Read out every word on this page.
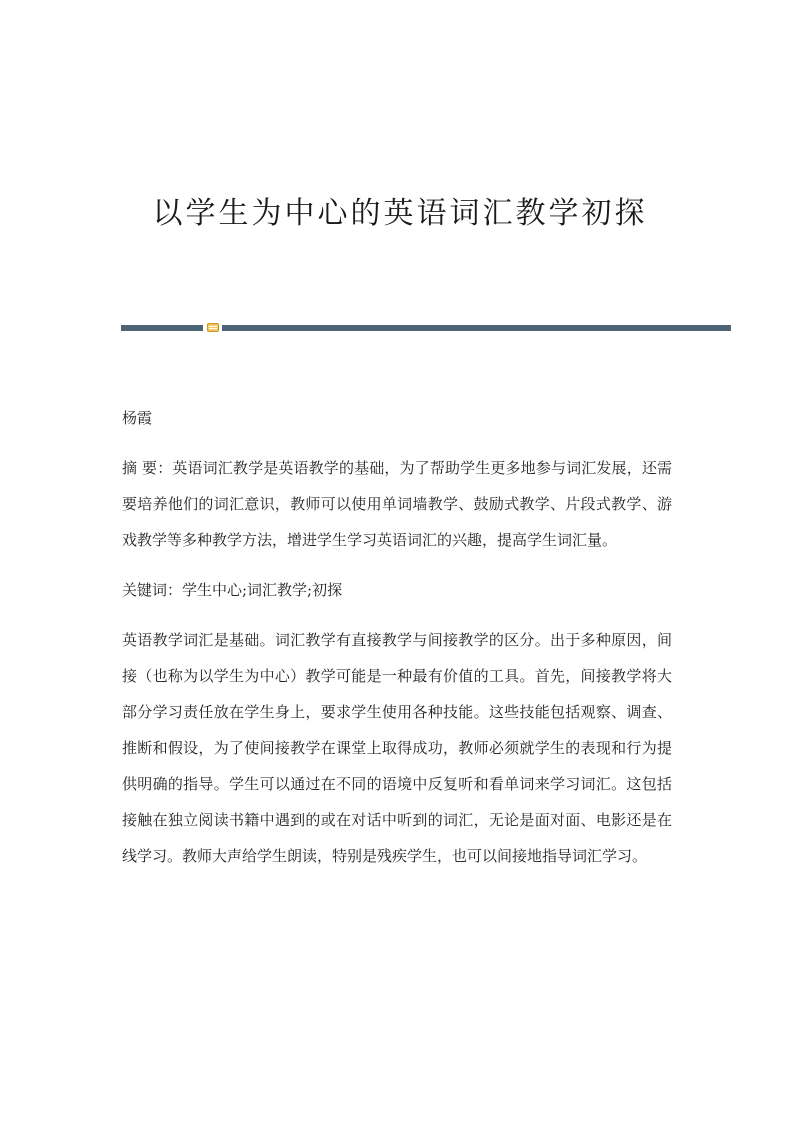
以学生为中心的英语词汇教学初探

杨霞

摘 要：英语词汇教学是英语教学的基础，为了帮助学生更多地参与词汇发展，还需要培养他们的词汇意识，教师可以使用单词墙教学、鼓励式教学、片段式教学、游戏教学等多种教学方法，增进学生学习英语词汇的兴趣，提高学生词汇量。

关键词：学生中心;词汇教学;初探

英语教学词汇是基础。词汇教学有直接教学与间接教学的区分。出于多种原因，间接（也称为以学生为中心）教学可能是一种最有价值的工具。首先，间接教学将大部分学习责任放在学生身上，要求学生使用各种技能。这些技能包括观察、调查、推断和假设，为了使间接教学在课堂上取得成功，教师必须就学生的表现和行为提供明确的指导。学生可以通过在不同的语境中反复听和看单词来学习词汇。这包括接触在独立阅读书籍中遇到的或在对话中听到的词汇，无论是面对面、电影还是在线学习。教师大声给学生朗读，特别是残疾学生，也可以间接地指导词汇学习。
